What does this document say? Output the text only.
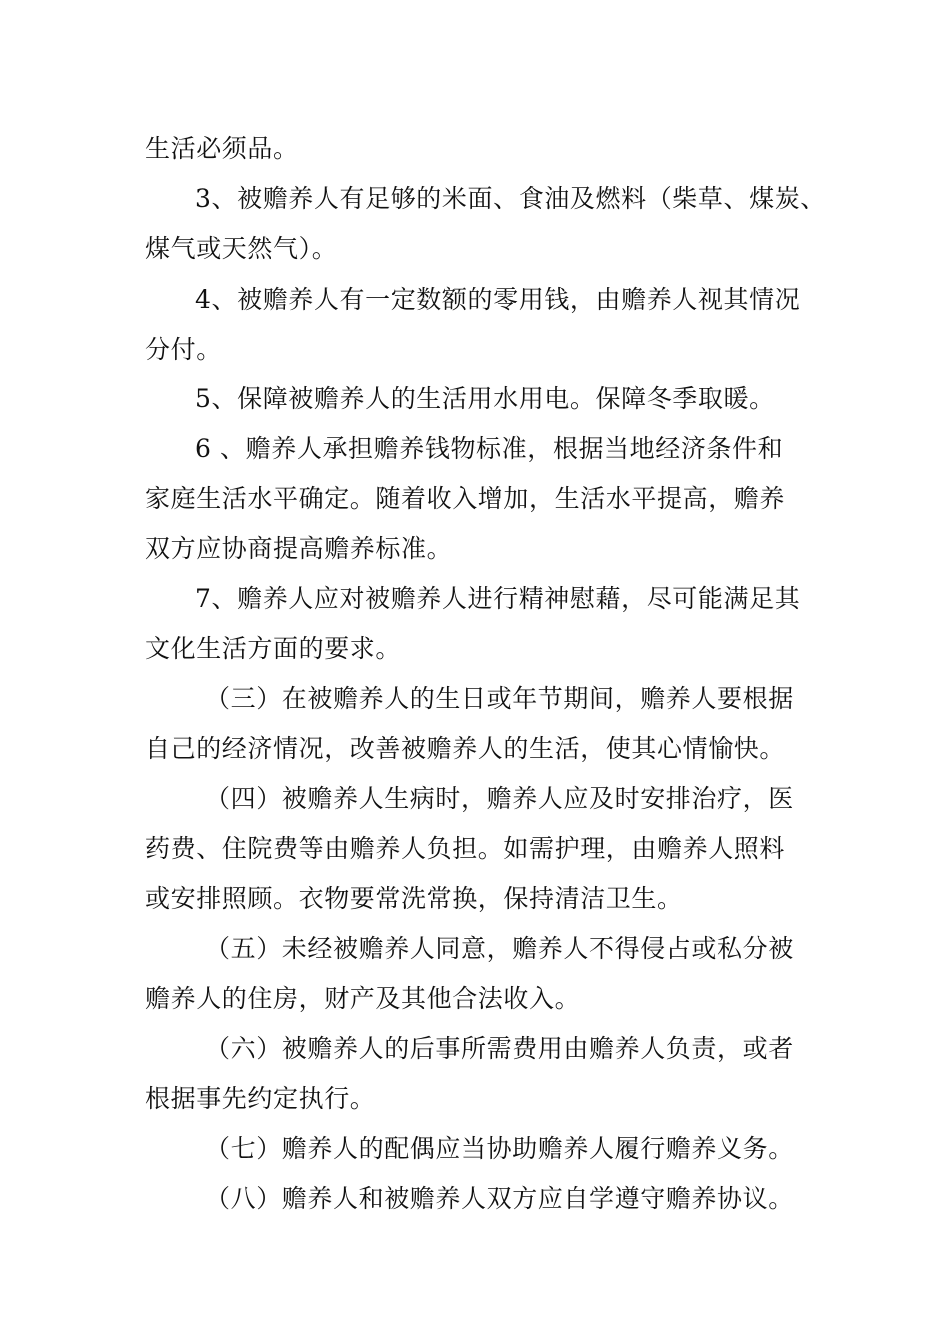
生活必须品。
3、被赡养人有足够的米面、食油及燃料（柴草、煤炭、
煤气或天然气）。
4、被赡养人有一定数额的零用钱，由赡养人视其情况
分付。
5、保障被赡养人的生活用水用电。保障冬季取暖。
6 、赡养人承担赡养钱物标准，根据当地经济条件和
家庭生活水平确定。随着收入增加，生活水平提高，赡养
双方应协商提高赡养标准。
7、赡养人应对被赡养人进行精神慰藉，尽可能满足其
文化生活方面的要求。
（三）在被赡养人的生日或年节期间，赡养人要根据
自己的经济情况，改善被赡养人的生活，使其心情愉快。
（四）被赡养人生病时，赡养人应及时安排治疗，医
药费、住院费等由赡养人负担。如需护理，由赡养人照料
或安排照顾。衣物要常洗常换，保持清洁卫生。
（五）未经被赡养人同意，赡养人不得侵占或私分被
赡养人的住房，财产及其他合法收入。
（六）被赡养人的后事所需费用由赡养人负责，或者
根据事先约定执行。
（七）赡养人的配偶应当协助赡养人履行赡养义务。
（八）赡养人和被赡养人双方应自学遵守赡养协议。
